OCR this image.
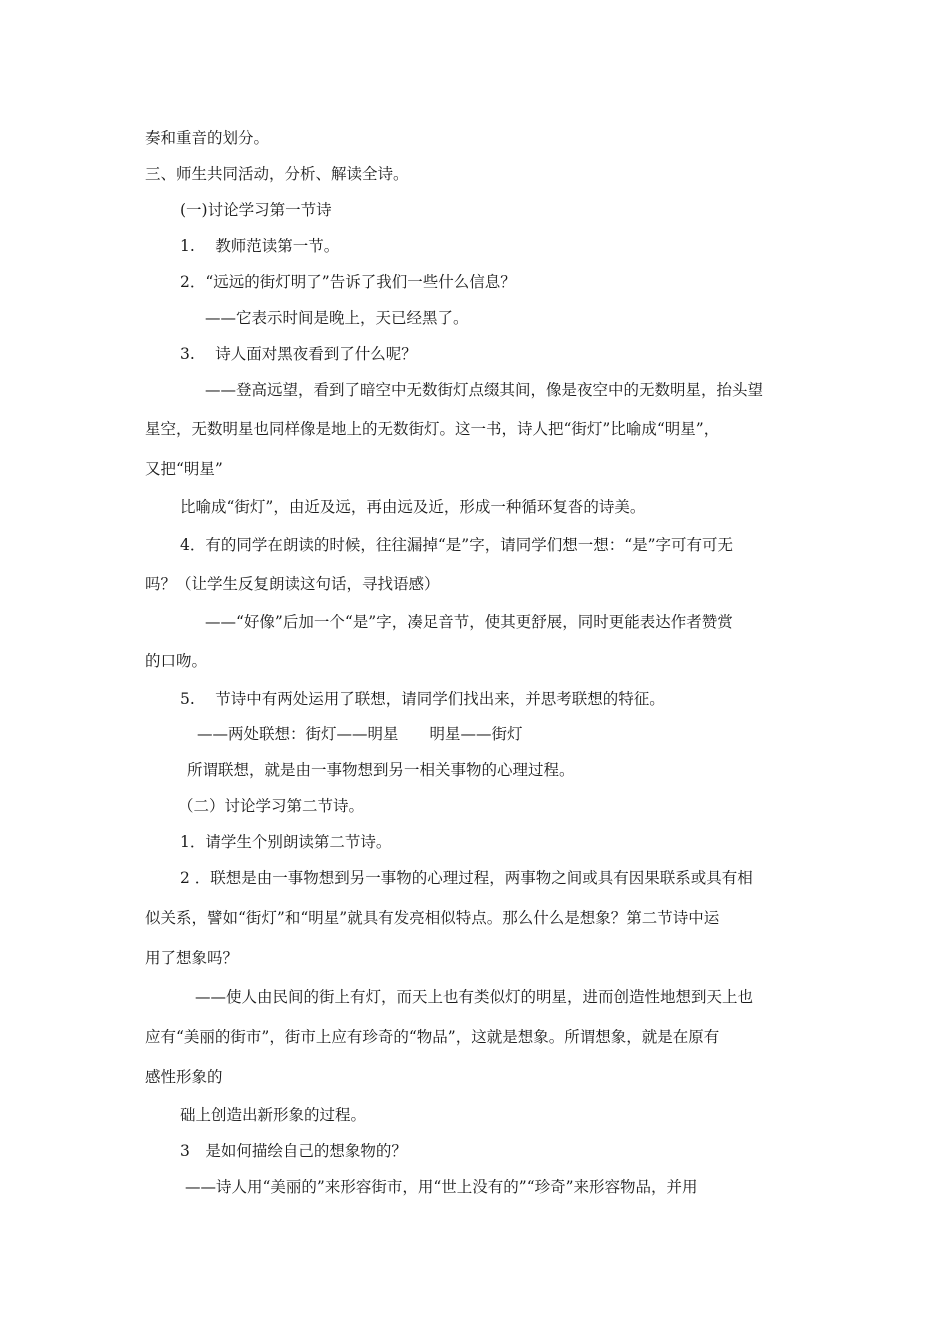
奏和重音的划分。
三、师生共同活动，分析、解读全诗。
(一)讨论学习第一节诗
1.　 教师范读第一节。
2．“远远的街灯明了”告诉了我们一些什么信息？
——它表示时间是晚上，天已经黑了。
3.　 诗人面对黑夜看到了什么呢？
——登高远望，看到了暗空中无数街灯点缀其间，像是夜空中的无数明星，抬头望
星空，无数明星也同样像是地上的无数街灯。这一书，诗人把“街灯”比喻成“明星”，
又把“明星”
比喻成“街灯”，由近及远，再由远及近，形成一种循环复沓的诗美。
4．有的同学在朗读的时候，往往漏掉“是”字，请同学们想一想：“是”字可有可无
吗？（让学生反复朗读这句话，寻找语感）
——“好像”后加一个“是”字，凑足音节，使其更舒展，同时更能表达作者赞赏
的口吻。
5.　 节诗中有两处运用了联想，请同学们找出来，并思考联想的特征。
——两处联想：街灯——明星　　明星——街灯
所谓联想，就是由一事物想到另一相关事物的心理过程。
（二）讨论学习第二节诗。
1．请学生个别朗读第二节诗。
2 ．联想是由一事物想到另一事物的心理过程，两事物之间或具有因果联系或具有相
似关系，譬如“街灯”和“明星”就具有发亮相似特点。那么什么是想象？第二节诗中运
用了想象吗？
——使人由民间的街上有灯，而天上也有类似灯的明星，进而创造性地想到天上也
应有“美丽的街市”，街市上应有珍奇的“物品”，这就是想象。所谓想象，就是在原有
感性形象的
础上创造出新形象的过程。
3　是如何描绘自己的想象物的？
——诗人用“美丽的”来形容街市，用“世上没有的”“珍奇”来形容物品，并用
